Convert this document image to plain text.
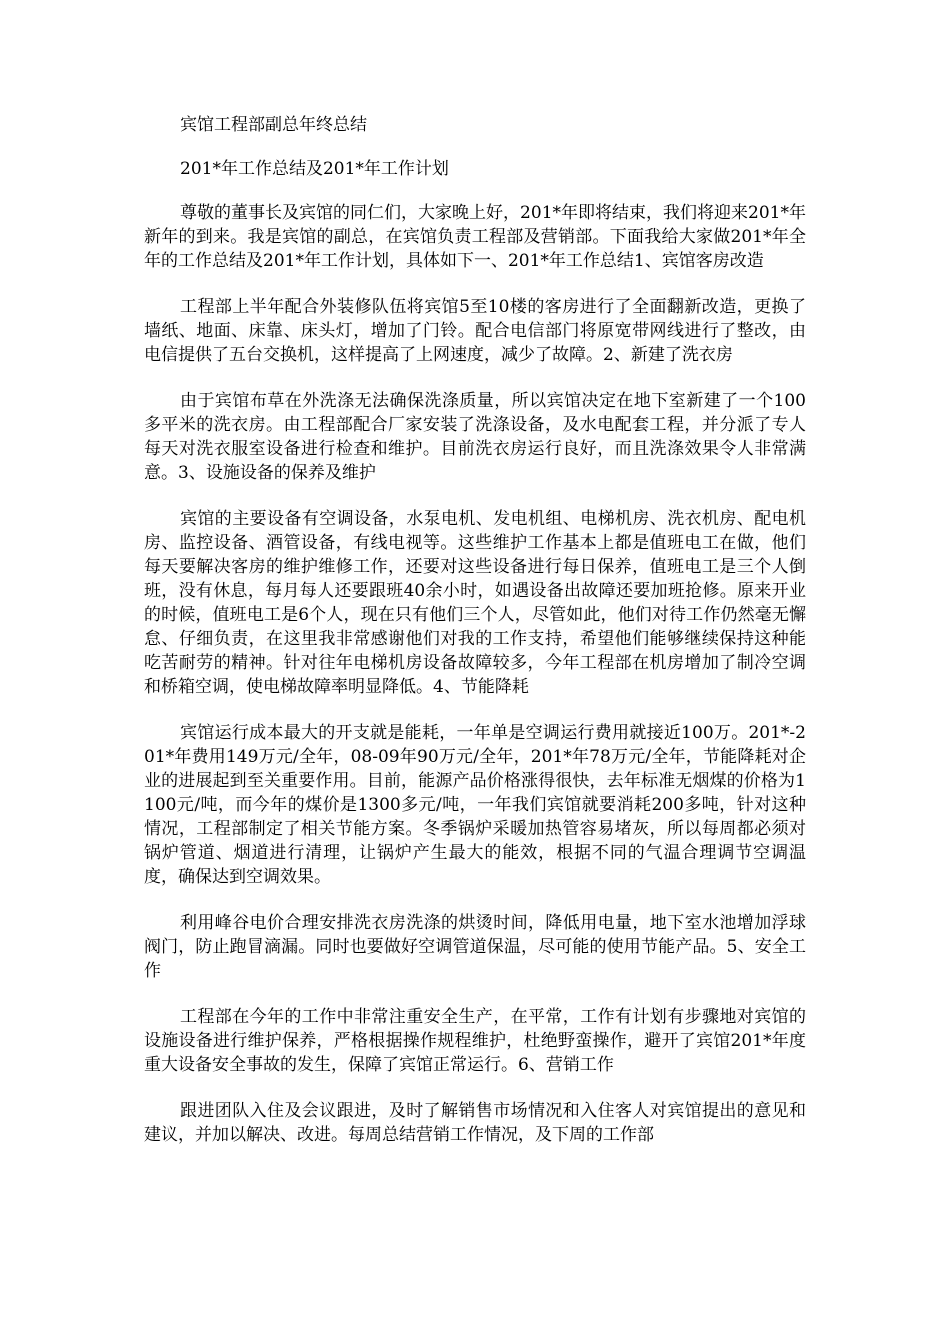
宾馆工程部副总年终总结

201*年工作总结及201*年工作计划

尊敬的董事长及宾馆的同仁们，大家晚上好，201*年即将结束，我们将迎来201*年新年的到来。我是宾馆的副总，在宾馆负责工程部及营销部。下面我给大家做201*年全年的工作总结及201*年工作计划，具体如下一、201*年工作总结1、宾馆客房改造

工程部上半年配合外装修队伍将宾馆5至10楼的客房进行了全面翻新改造，更换了墙纸、地面、床靠、床头灯，增加了门铃。配合电信部门将原宽带网线进行了整改，由电信提供了五台交换机，这样提高了上网速度，减少了故障。2、新建了洗衣房

由于宾馆布草在外洗涤无法确保洗涤质量，所以宾馆决定在地下室新建了一个100多平米的洗衣房。由工程部配合厂家安装了洗涤设备，及水电配套工程，并分派了专人每天对洗衣服室设备进行检查和维护。目前洗衣房运行良好，而且洗涤效果令人非常满意。3、设施设备的保养及维护

宾馆的主要设备有空调设备，水泵电机、发电机组、电梯机房、洗衣机房、配电机房、监控设备、酒管设备，有线电视等。这些维护工作基本上都是值班电工在做，他们每天要解决客房的维护维修工作，还要对这些设备进行每日保养，值班电工是三个人倒班，没有休息，每月每人还要跟班40余小时，如遇设备出故障还要加班抢修。原来开业的时候，值班电工是6个人，现在只有他们三个人，尽管如此，他们对待工作仍然毫无懈怠、仔细负责，在这里我非常感谢他们对我的工作支持，希望他们能够继续保持这种能吃苦耐劳的精神。针对往年电梯机房设备故障较多，今年工程部在机房增加了制冷空调和桥箱空调，使电梯故障率明显降低。4、节能降耗

宾馆运行成本最大的开支就是能耗，一年单是空调运行费用就接近100万。201*-201*年费用149万元/全年，08-09年90万元/全年，201*年78万元/全年，节能降耗对企业的进展起到至关重要作用。目前，能源产品价格涨得很快，去年标准无烟煤的价格为1100元/吨，而今年的煤价是1300多元/吨，一年我们宾馆就要消耗200多吨，针对这种情况，工程部制定了相关节能方案。冬季锅炉采暖加热管容易堵灰，所以每周都必须对锅炉管道、烟道进行清理，让锅炉产生最大的能效，根据不同的气温合理调节空调温度，确保达到空调效果。

利用峰谷电价合理安排洗衣房洗涤的烘烫时间，降低用电量，地下室水池增加浮球阀门，防止跑冒滴漏。同时也要做好空调管道保温，尽可能的使用节能产品。5、安全工作

工程部在今年的工作中非常注重安全生产，在平常，工作有计划有步骤地对宾馆的设施设备进行维护保养，严格根据操作规程维护，杜绝野蛮操作，避开了宾馆201*年度重大设备安全事故的发生，保障了宾馆正常运行。6、营销工作

跟进团队入住及会议跟进，及时了解销售市场情况和入住客人对宾馆提出的意见和建议，并加以解决、改进。每周总结营销工作情况，及下周的工作部
